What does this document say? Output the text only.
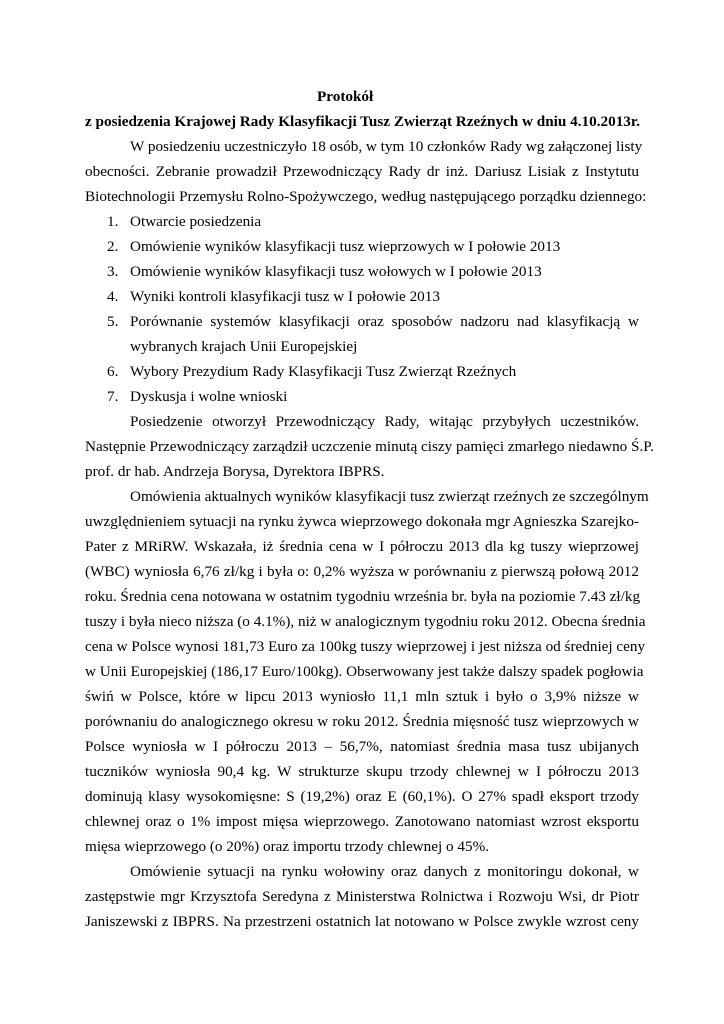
Protokół
z posiedzenia Krajowej Rady Klasyfikacji Tusz Zwierząt Rzeźnych w dniu 4.10.2013r.
W posiedzeniu uczestniczyło 18 osób, w tym 10 członków Rady wg załączonej listy
obecności. Zebranie prowadził Przewodniczący Rady dr inż. Dariusz Lisiak z Instytutu
Biotechnologii Przemysłu Rolno-Spożywczego, według następującego porządku dziennego:
1. Otwarcie posiedzenia
2. Omówienie wyników klasyfikacji tusz wieprzowych w I połowie 2013
3. Omówienie wyników klasyfikacji tusz wołowych w I połowie 2013
4. Wyniki kontroli klasyfikacji tusz w I połowie 2013
5. Porównanie systemów klasyfikacji oraz sposobów nadzoru nad klasyfikacją w
wybranych krajach Unii Europejskiej
6. Wybory Prezydium Rady Klasyfikacji Tusz Zwierząt Rzeźnych
7. Dyskusja i wolne wnioski
Posiedzenie otworzył Przewodniczący Rady, witając przybyłych uczestników.
Następnie Przewodniczący zarządził uczczenie minutą ciszy pamięci zmarłego niedawno Ś.P.
prof. dr hab. Andrzeja Borysa, Dyrektora IBPRS.
Omówienia aktualnych wyników klasyfikacji tusz zwierząt rzeźnych ze szczególnym
uwzględnieniem sytuacji na rynku żywca wieprzowego dokonała mgr Agnieszka Szarejko-
Pater z MRiRW. Wskazała, iż średnia cena w I półroczu 2013 dla kg tuszy wieprzowej
(WBC) wyniosła 6,76 zł/kg i była o: 0,2% wyższa w porównaniu z pierwszą połową 2012
roku. Średnia cena notowana w ostatnim tygodniu września br. była na poziomie 7.43 zł/kg
tuszy i była nieco niższa (o 4.1%), niż w analogicznym tygodniu roku 2012. Obecna średnia
cena w Polsce wynosi 181,73 Euro za 100kg tuszy wieprzowej i jest niższa od średniej ceny
w Unii Europejskiej (186,17 Euro/100kg). Obserwowany jest także dalszy spadek pogłowia
świń w Polsce, które w lipcu 2013 wyniosło 11,1 mln sztuk i było o 3,9% niższe w
porównaniu do analogicznego okresu w roku 2012. Średnia mięsność tusz wieprzowych w
Polsce wyniosła w I półroczu 2013 – 56,7%, natomiast średnia masa tusz ubijanych
tuczników wyniosła 90,4 kg. W strukturze skupu trzody chlewnej w I półroczu 2013
dominują klasy wysokomięsne: S (19,2%) oraz E (60,1%). O 27% spadł eksport trzody
chlewnej oraz o 1% impost mięsa wieprzowego. Zanotowano natomiast wzrost eksportu
mięsa wieprzowego (o 20%) oraz importu trzody chlewnej o 45%.
Omówienie sytuacji na rynku wołowiny oraz danych z monitoringu dokonał, w
zastępstwie mgr Krzysztofa Seredyna z Ministerstwa Rolnictwa i Rozwoju Wsi, dr Piotr
Janiszewski z IBPRS. Na przestrzeni ostatnich lat notowano w Polsce zwykle wzrost ceny
